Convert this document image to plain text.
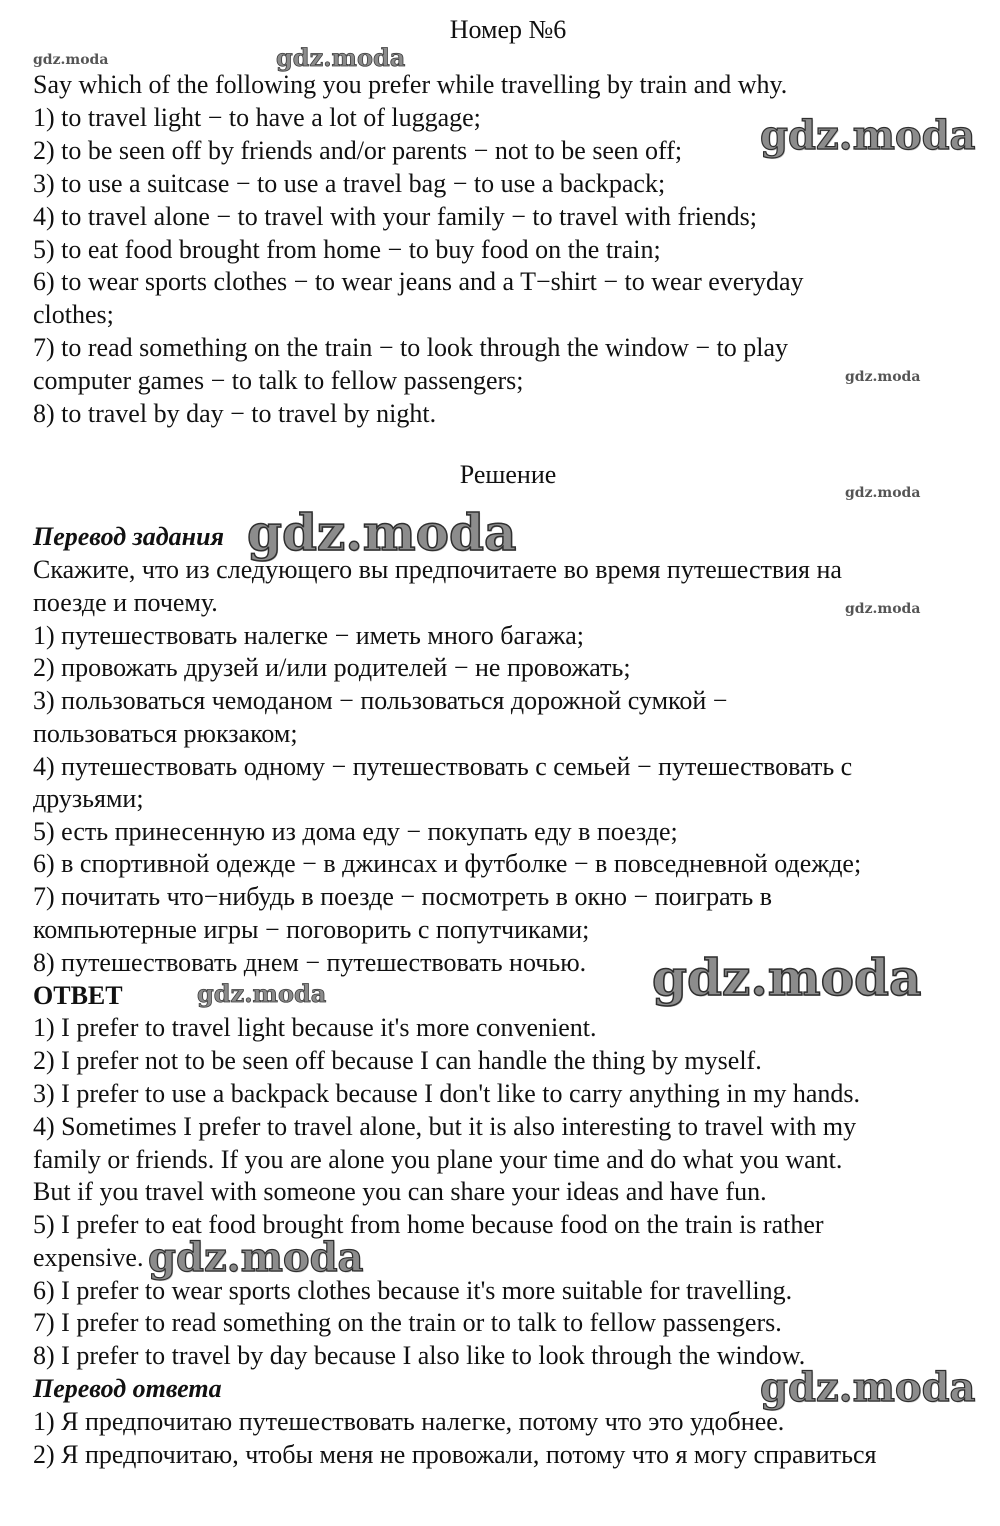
Номер №6
Say which of the following you prefer while travelling by train and why.
1) to travel light − to have a lot of luggage;
2) to be seen off by friends and/or parents − not to be seen off;
3) to use a suitcase − to use a travel bag − to use a backpack;
4) to travel alone − to travel with your family − to travel with friends;
5) to eat food brought from home − to buy food on the train;
6) to wear sports clothes − to wear jeans and a T−shirt − to wear everyday
clothes;
7) to read something on the train − to look through the window − to play
computer games − to talk to fellow passengers;
8) to travel by day − to travel by night.
Решение
Перевод задания
Скажите, что из следующего вы предпочитаете во время путешествия на
поезде и почему.
1) путешествовать налегке − иметь много багажа;
2) провожать друзей и/или родителей − не провожать;
3) пользоваться чемоданом − пользоваться дорожной сумкой −
пользоваться рюкзаком;
4) путешествовать одному − путешествовать с семьей − путешествовать с
друзьями;
5) есть принесенную из дома еду − покупать еду в поезде;
6) в спортивной одежде − в джинсах и футболке − в повседневной одежде;
7) почитать что−нибудь в поезде − посмотреть в окно − поиграть в
компьютерные игры − поговорить с попутчиками;
8) путешествовать днем − путешествовать ночью.
ОТВЕТ
1) I prefer to travel light because it's more convenient.
2) I prefer not to be seen off because I can handle the thing by myself.
3) I prefer to use a backpack because I don't like to carry anything in my hands.
4) Sometimes I prefer to travel alone, but it is also interesting to travel with my
family or friends. If you are alone you plane your time and do what you want.
But if you travel with someone you can share your ideas and have fun.
5) I prefer to eat food brought from home because food on the train is rather
expensive.
6) I prefer to wear sports clothes because it's more suitable for travelling.
7) I prefer to read something on the train or to talk to fellow passengers.
8) I prefer to travel by day because I also like to look through the window.
Перевод ответа
1) Я предпочитаю путешествовать налегке, потому что это удобнее.
2) Я предпочитаю, чтобы меня не провожали, потому что я могу справиться
gdz.moda	gdz.moda
gdz.moda
gdz.moda
gdz.moda
gdz.moda
gdz.moda
gdz.moda
gdz.moda
gdz.moda
gdz.moda
